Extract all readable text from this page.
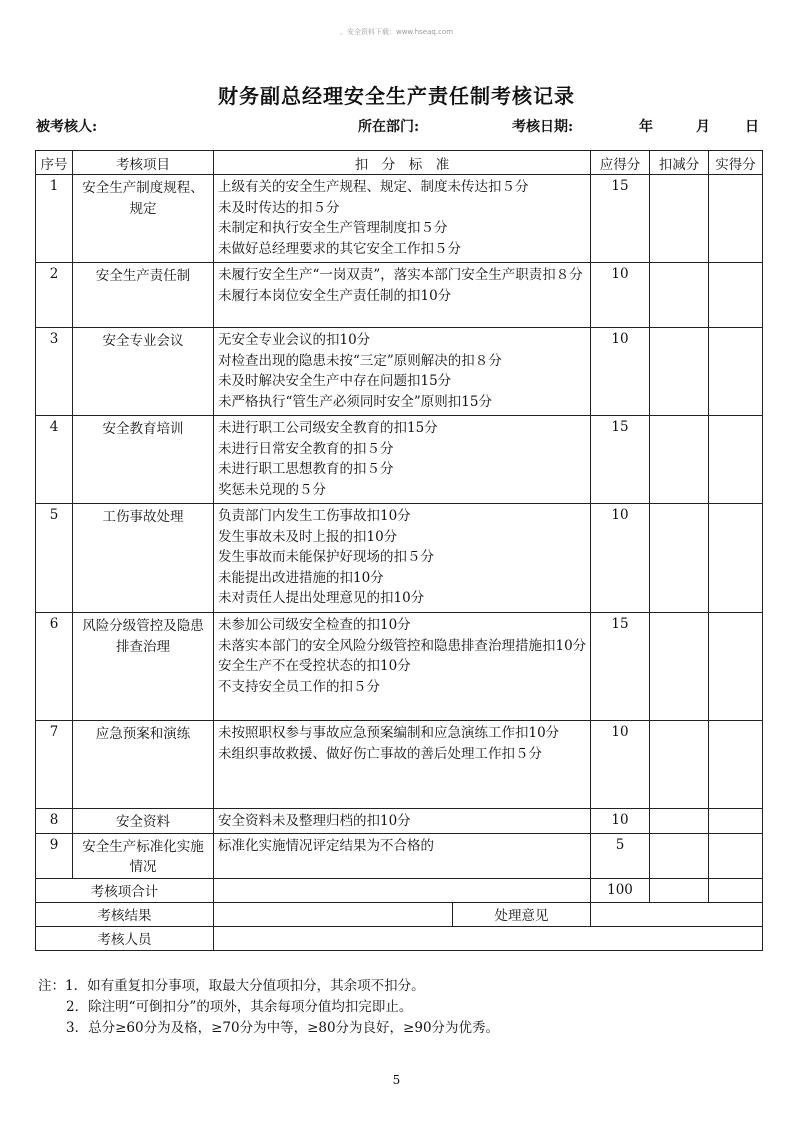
。安全资料下载：www.hseaq.com
财务副总经理安全生产责任制考核记录
被考核人:	所在部门:	考核日期:	年	月	日
序号	考核项目	扣　分　标　准		应得分	扣减分	实得分
1	安全生产制度规程、规定	上级有关的安全生产规程、规定、制度未传达扣５分
未及时传达的扣５分
未制定和执行安全生产管理制度扣５分
未做好总经理要求的其它安全工作扣５分		15		
2	安全生产责任制	未履行安全生产“一岗双责”，落实本部门安全生产职责扣８分
未履行本岗位安全生产责任制的扣10分		10		
3	安全专业会议	无安全专业会议的扣10分
对检查出现的隐患未按“三定”原则解决的扣８分
未及时解决安全生产中存在问题扣15分
未严格执行“管生产必须同时安全”原则扣15分		10		
4	安全教育培训	未进行职工公司级安全教育的扣15分
未进行日常安全教育的扣５分
未进行职工思想教育的扣５分
奖惩未兑现的５分		15		
5	工伤事故处理	负责部门内发生工伤事故扣10分
发生事故未及时上报的扣10分
发生事故而未能保护好现场的扣５分
未能提出改进措施的扣10分
未对责任人提出处理意见的扣10分		10		
6	风险分级管控及隐患排查治理	未参加公司级安全检查的扣10分
未落实本部门的安全风险分级管控和隐患排查治理措施扣10分
安全生产不在受控状态的扣10分
不支持安全员工作的扣５分		15		
7	应急预案和演练	未按照职权参与事故应急预案编制和应急演练工作扣10分
未组织事故救援、做好伤亡事故的善后处理工作扣５分		10		
8	安全资料	安全资料未及整理归档的扣10分		10		
9	安全生产标准化实施情况	标准化实施情况评定结果为不合格的		5		
考核项合计				100		
考核结果			处理意见			
考核人员						
注：1．如有重复扣分事项，取最大分值项扣分，其余项不扣分。
2．除注明“可倒扣分”的项外，其余每项分值均扣完即止。
3．总分≥60分为及格，≥70分为中等，≥80分为良好，≥90分为优秀。
5
